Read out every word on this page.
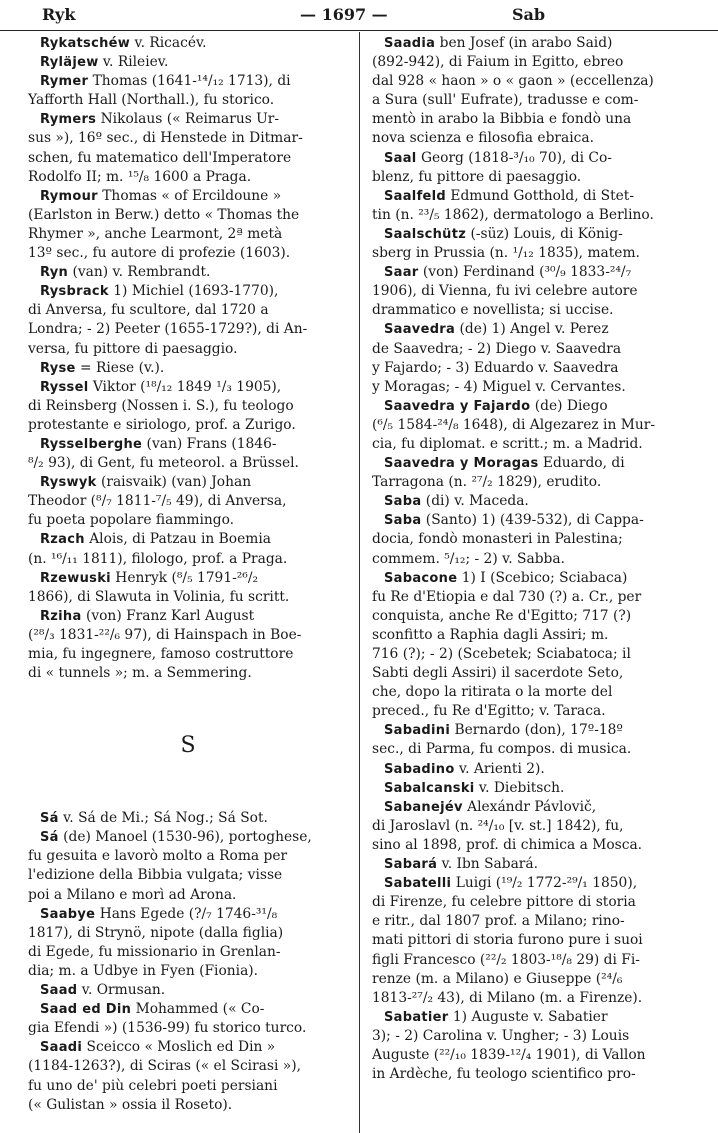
Ryk	— 1697 —	Sab
Rykatschéw v. Ricacév.
Ryläjew v. Rileiev.
Rymer Thomas (1641-¹⁴/₁₂ 1713), di
Yafforth Hall (Northall.), fu storico.
Rymers Nikolaus (« Reimarus Ur-
sus »), 16º sec., di Henstede in Ditmar-
schen, fu matematico dell'Imperatore
Rodolfo II; m. ¹⁵/₈ 1600 a Praga.
Rymour Thomas « of Ercildoune »
(Earlston in Berw.) detto « Thomas the
Rhymer », anche Learmont, 2ª metà
13º sec., fu autore di profezie (1603).
Ryn (van) v. Rembrandt.
Rysbrack 1) Michiel (1693-1770),
di Anversa, fu scultore, dal 1720 a
Londra; - 2) Peeter (1655-1729?), di An-
versa, fu pittore di paesaggio.
Ryse = Riese (v.).
Ryssel Viktor (¹⁸/₁₂ 1849 ¹/₃ 1905),
di Reinsberg (Nossen i. S.), fu teologo
protestante e siriologo, prof. a Zurigo.
Rysselberghe (van) Frans (1846-
⁸/₂ 93), di Gent, fu meteorol. a Brüssel.
Ryswyk (raisvaik) (van) Johan
Theodor (⁸/₇ 1811-⁷/₅ 49), di Anversa,
fu poeta popolare fiammingo.
Rzach Alois, di Patzau in Boemia
(n. ¹⁶/₁₁ 1811), filologo, prof. a Praga.
Rzewuski Henryk (⁸/₅ 1791-²⁶/₂
1866), di Slawuta in Volinia, fu scritt.
Rziha (von) Franz Karl August
(²⁸/₃ 1831-²²/₆ 97), di Hainspach in Boe-
mia, fu ingegnere, famoso costruttore
di « tunnels »; m. a Semmering.
S
Sá v. Sá de Mi.; Sá Nog.; Sá Sot.
Sá (de) Manoel (1530-96), portoghese,
fu gesuita e lavorò molto a Roma per
l'edizione della Bibbia vulgata; visse
poi a Milano e morì ad Arona.
Saabye Hans Egede (?/₇ 1746-³¹/₈
1817), di Strynö, nipote (dalla figlia)
di Egede, fu missionario in Grenlan-
dia; m. a Udbye in Fyen (Fionia).
Saad v. Ormusan.
Saad ed Din Mohammed (« Co-
gia Efendi ») (1536-99) fu storico turco.
Saadi Sceicco « Moslich ed Din »
(1184-1263?), di Sciras (« el Scirasi »),
fu uno de' più celebri poeti persiani
(« Gulistan » ossia il Roseto).
Saadia ben Josef (in arabo Said)
(892-942), di Faium in Egitto, ebreo
dal 928 « haon » o « gaon » (eccellenza)
a Sura (sull' Eufrate), tradusse e com-
mentò in arabo la Bibbia e fondò una
nova scienza e filosofia ebraica.
Saal Georg (1818-³/₁₀ 70), di Co-
blenz, fu pittore di paesaggio.
Saalfeld Edmund Gotthold, di Stet-
tin (n. ²³/₅ 1862), dermatologo a Berlino.
Saalschütz (-süz) Louis, di König-
sberg in Prussia (n. ¹/₁₂ 1835), matem.
Saar (von) Ferdinand (³⁰/₉ 1833-²⁴/₇
1906), di Vienna, fu ivi celebre autore
drammatico e novellista; si uccise.
Saavedra (de) 1) Angel v. Perez
de Saavedra; - 2) Diego v. Saavedra
y Fajardo; - 3) Eduardo v. Saavedra
y Moragas; - 4) Miguel v. Cervantes.
Saavedra y Fajardo (de) Diego
(⁶/₅ 1584-²⁴/₈ 1648), di Algezarez in Mur-
cia, fu diplomat. e scritt.; m. a Madrid.
Saavedra y Moragas Eduardo, di
Tarragona (n. ²⁷/₂ 1829), erudito.
Saba (di) v. Maceda.
Saba (Santo) 1) (439-532), di Cappa-
docia, fondò monasteri in Palestina;
commem. ⁵/₁₂; - 2) v. Sabba.
Sabacone 1) I (Scebico; Sciabaca)
fu Re d'Etiopia e dal 730 (?) a. Cr., per
conquista, anche Re d'Egitto; 717 (?)
sconfitto a Raphia dagli Assiri; m.
716 (?); - 2) (Scebetek; Sciabatoca; il
Sabti degli Assiri) il sacerdote Seto,
che, dopo la ritirata o la morte del
preced., fu Re d'Egitto; v. Taraca.
Sabadini Bernardo (don), 17º-18º
sec., di Parma, fu compos. di musica.
Sabadino v. Arienti 2).
Sabalcanski v. Diebitsch.
Sabanejév Alexándr Pávlovič,
di Jaroslavl (n. ²⁴/₁₀ [v. st.] 1842), fu,
sino al 1898, prof. di chimica a Mosca.
Sabará v. Ibn Sabará.
Sabatelli Luigi (¹⁹/₂ 1772-²⁹/₁ 1850),
di Firenze, fu celebre pittore di storia
e ritr., dal 1807 prof. a Milano; rino-
mati pittori di storia furono pure i suoi
figli Francesco (²²/₂ 1803-¹⁸/₈ 29) di Fi-
renze (m. a Milano) e Giuseppe (²⁴/₆
1813-²⁷/₂ 43), di Milano (m. a Firenze).
Sabatier 1) Auguste v. Sabatier
3); - 2) Carolina v. Ungher; - 3) Louis
Auguste (²²/₁₀ 1839-¹²/₄ 1901), di Vallon
in Ardèche, fu teologo scientifico pro-
